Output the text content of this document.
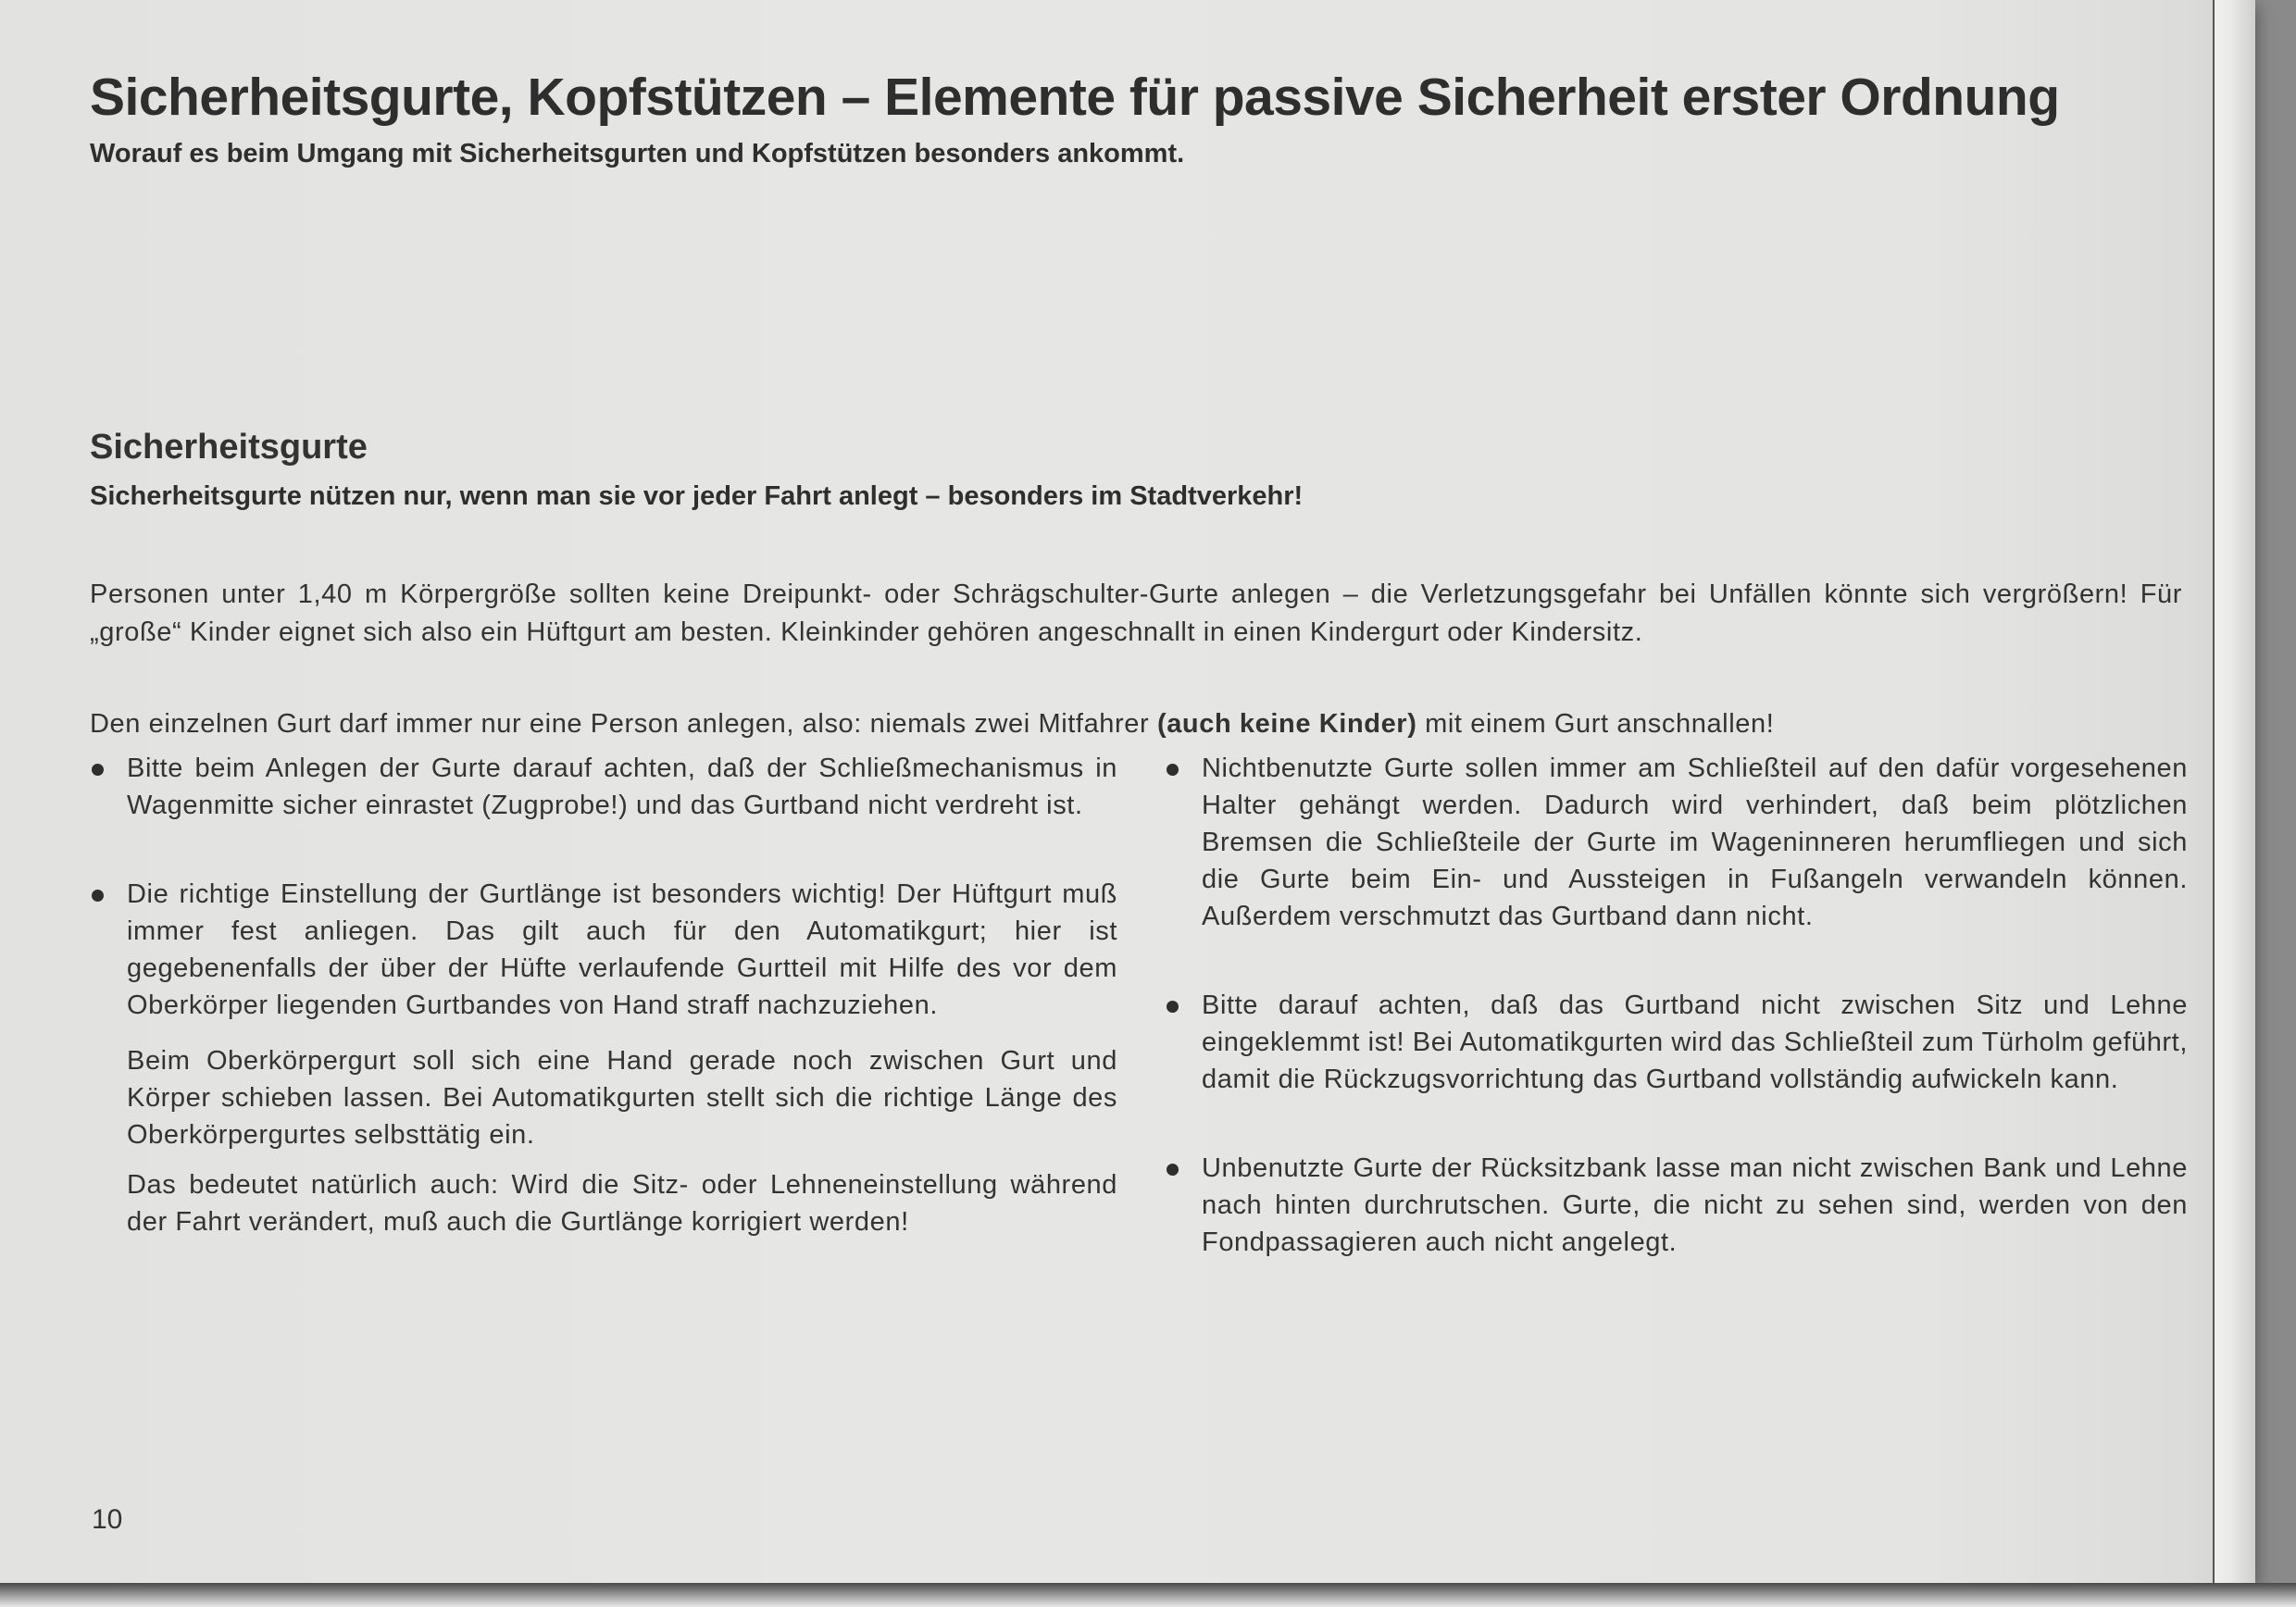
Sicherheitsgurte, Kopfstützen – Elemente für passive Sicherheit erster Ordnung
Worauf es beim Umgang mit Sicherheitsgurten und Kopfstützen besonders ankommt.
Sicherheitsgurte
Sicherheitsgurte nützen nur, wenn man sie vor jeder Fahrt anlegt – besonders im Stadtverkehr!

Personen unter 1,40 m Körpergröße sollten keine Dreipunkt- oder Schrägschulter-Gurte anlegen – die Verletzungsgefahr bei Unfällen könnte sich vergrößern! Für „große“ Kinder eignet sich also ein Hüftgurt am besten. Kleinkinder gehören angeschnallt in einen Kindergurt oder Kindersitz.

Den einzelnen Gurt darf immer nur eine Person anlegen, also: niemals zwei Mitfahrer (auch keine Kinder) mit einem Gurt anschnallen!

Bitte beim Anlegen der Gurte darauf achten, daß der Schließmechanismus in Wagenmitte sicher einrastet (Zugprobe!) und das Gurtband nicht verdreht ist.
Die richtige Einstellung der Gurtlänge ist besonders wichtig! Der Hüftgurt muß immer fest anliegen. Das gilt auch für den Automatikgurt; hier ist gegebenenfalls der über der Hüfte verlaufende Gurtteil mit Hilfe des vor dem Oberkörper liegenden Gurtbandes von Hand straff nachzuziehen.
Beim Oberkörpergurt soll sich eine Hand gerade noch zwischen Gurt und Körper schieben lassen. Bei Automatikgurten stellt sich die richtige Länge des Oberkörpergurtes selbsttätig ein.
Das bedeutet natürlich auch: Wird die Sitz- oder Lehneneinstellung während der Fahrt verändert, muß auch die Gurtlänge korrigiert werden!
Nichtbenutzte Gurte sollen immer am Schließteil auf den dafür vorgesehenen Halter gehängt werden. Dadurch wird verhindert, daß beim plötzlichen Bremsen die Schließteile der Gurte im Wageninneren herumfliegen und sich die Gurte beim Ein- und Aussteigen in Fußangeln verwandeln können. Außerdem verschmutzt das Gurtband dann nicht.
Bitte darauf achten, daß das Gurtband nicht zwischen Sitz und Lehne eingeklemmt ist! Bei Automatikgurten wird das Schließteil zum Türholm geführt, damit die Rückzugsvorrichtung das Gurtband vollständig aufwickeln kann.
Unbenutzte Gurte der Rücksitzbank lasse man nicht zwischen Bank und Lehne nach hinten durchrutschen. Gurte, die nicht zu sehen sind, werden von den Fondpassagieren auch nicht angelegt.
10
